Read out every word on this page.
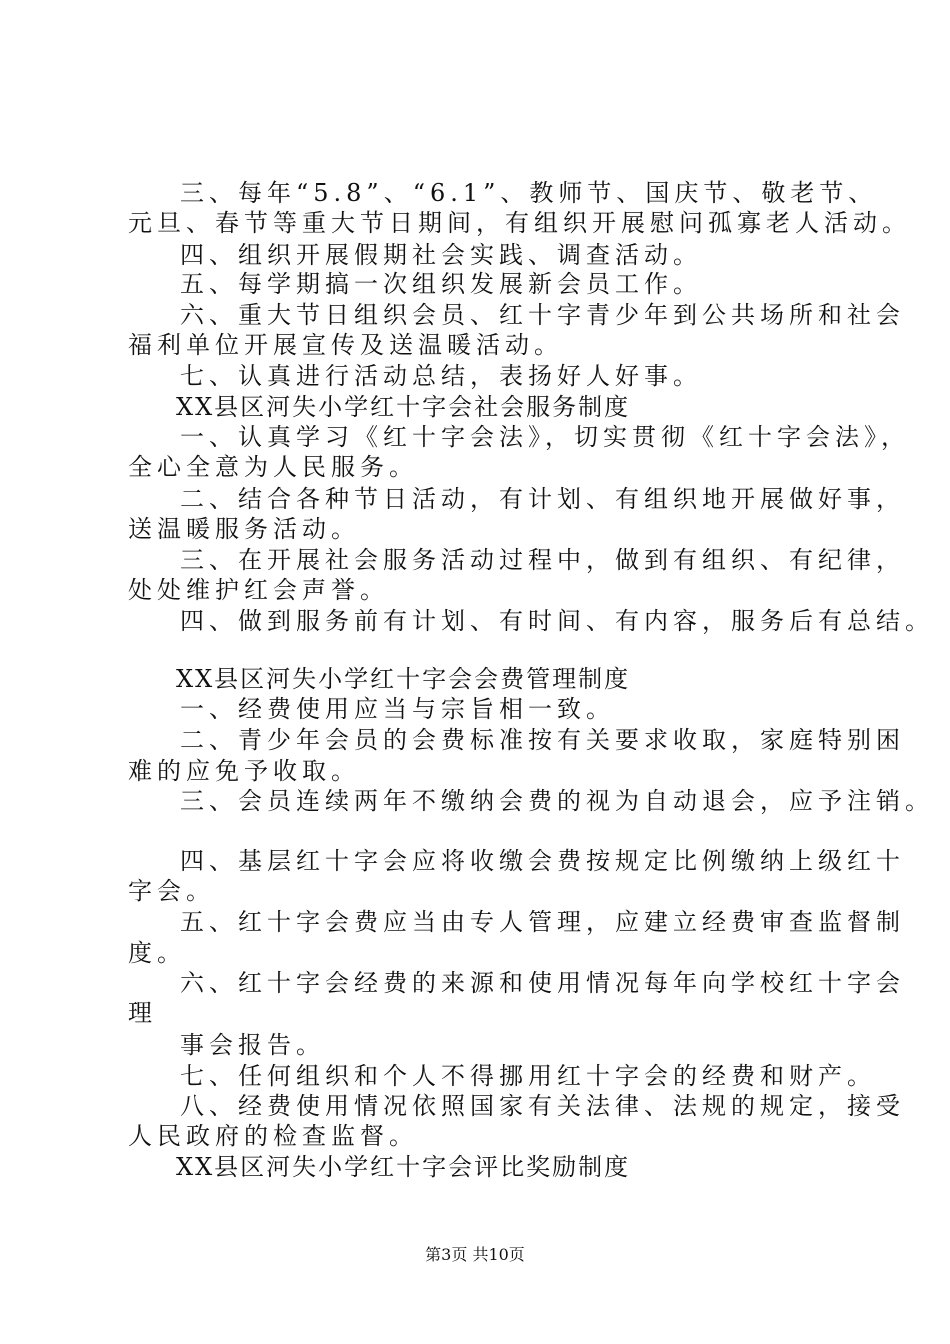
三、每年“5.8”、“6.1”、教师节、国庆节、敬老节、
元旦、春节等重大节日期间，有组织开展慰问孤寡老人活动。
四、组织开展假期社会实践、调查活动。
五、每学期搞一次组织发展新会员工作。
六、重大节日组织会员、红十字青少年到公共场所和社会
福利单位开展宣传及送温暖活动。
七、认真进行活动总结，表扬好人好事。
XX县区河失小学红十字会社会服务制度
一、认真学习《红十字会法》，切实贯彻《红十字会法》，
全心全意为人民服务。
二、结合各种节日活动，有计划、有组织地开展做好事，
送温暖服务活动。
三、在开展社会服务活动过程中，做到有组织、有纪律，
处处维护红会声誉。
四、做到服务前有计划、有时间、有内容，服务后有总结。
XX县区河失小学红十字会会费管理制度
一、经费使用应当与宗旨相一致。
二、青少年会员的会费标准按有关要求收取，家庭特别困
难的应免予收取。
三、会员连续两年不缴纳会费的视为自动退会，应予注销。
四、基层红十字会应将收缴会费按规定比例缴纳上级红十
字会。
五、红十字会费应当由专人管理，应建立经费审查监督制
度。
六、红十字会经费的来源和使用情况每年向学校红十字会
理
事会报告。
七、任何组织和个人不得挪用红十字会的经费和财产。
八、经费使用情况依照国家有关法律、法规的规定，接受
人民政府的检查监督。
XX县区河失小学红十字会评比奖励制度
第3页 共10页
